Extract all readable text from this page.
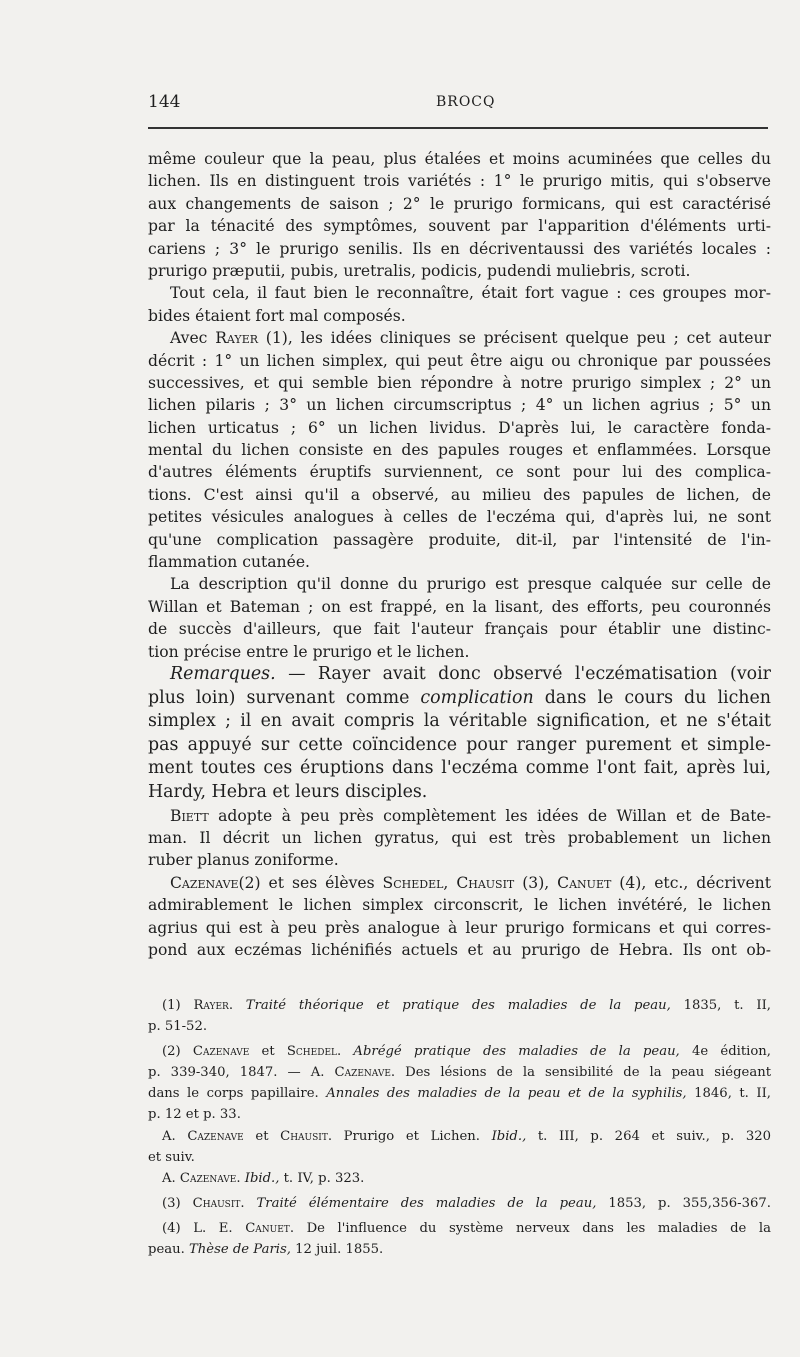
144	BROCQ
même couleur que la peau, plus étalées et moins acuminées que celles du
lichen. Ils en distinguent trois variétés : 1° le prurigo mitis, qui s'observe
aux changements de saison ; 2° le prurigo formicans, qui est caractérisé
par la ténacité des symptômes, souvent par l'apparition d'éléments urti-
cariens ; 3° le prurigo senilis. Ils en décriventaussi des variétés locales :
prurigo præputii, pubis, uretralis, podicis, pudendi muliebris, scroti.
Tout cela, il faut bien le reconnaître, était fort vague : ces groupes mor-
bides étaient fort mal composés.
Avec Rayer (1), les idées cliniques se précisent quelque peu ; cet auteur
décrit : 1° un lichen simplex, qui peut être aigu ou chronique par poussées
successives, et qui semble bien répondre à notre prurigo simplex ; 2° un
lichen pilaris ; 3° un lichen circumscriptus ; 4° un lichen agrius ; 5° un
lichen urticatus ; 6° un lichen lividus. D'après lui, le caractère fonda-
mental du lichen consiste en des papules rouges et enflammées. Lorsque
d'autres éléments éruptifs surviennent, ce sont pour lui des complica-
tions. C'est ainsi qu'il a observé, au milieu des papules de lichen, de
petites vésicules analogues à celles de l'eczéma qui, d'après lui, ne sont
qu'une complication passagère produite, dit-il, par l'intensité de l'in-
flammation cutanée.
La description qu'il donne du prurigo est presque calquée sur celle de
Willan et Bateman ; on est frappé, en la lisant, des efforts, peu couronnés
de succès d'ailleurs, que fait l'auteur français pour établir une distinc-
tion précise entre le prurigo et le lichen.
Remarques. — Rayer avait donc observé l'eczématisation (voir
plus loin) survenant comme complication dans le cours du lichen
simplex ; il en avait compris la véritable signification, et ne s'était
pas appuyé sur cette coïncidence pour ranger purement et simple-
ment toutes ces éruptions dans l'eczéma comme l'ont fait, après lui,
Hardy, Hebra et leurs disciples.
Biett adopte à peu près complètement les idées de Willan et de Bate-
man. Il décrit un lichen gyratus, qui est très probablement un lichen
ruber planus zoniforme.
Cazenave(2) et ses élèves Schedel, Chausit (3), Canuet (4), etc., décrivent
admirablement le lichen simplex circonscrit, le lichen invétéré, le lichen
agrius qui est à peu près analogue à leur prurigo formicans et qui corres-
pond aux eczémas lichénifiés actuels et au prurigo de Hebra. Ils ont ob-
(1) Rayer. Traité théorique et pratique des maladies de la peau, 1835, t. II,
p. 51-52.
(2) Cazenave et Schedel. Abrégé pratique des maladies de la peau, 4e édition,
p. 339-340, 1847. — A. Cazenave. Des lésions de la sensibilité de la peau siégeant
dans le corps papillaire. Annales des maladies de la peau et de la syphilis, 1846, t. II,
p. 12 et p. 33.
A. Cazenave et Chausit. Prurigo et Lichen. Ibid., t. III, p. 264 et suiv., p. 320
et suiv.
A. Cazenave. Ibid., t. IV, p. 323.
(3) Chausit. Traité élémentaire des maladies de la peau, 1853, p. 355,356-367.
(4) L. E. Canuet. De l'influence du système nerveux dans les maladies de la
peau. Thèse de Paris, 12 juil. 1855.
